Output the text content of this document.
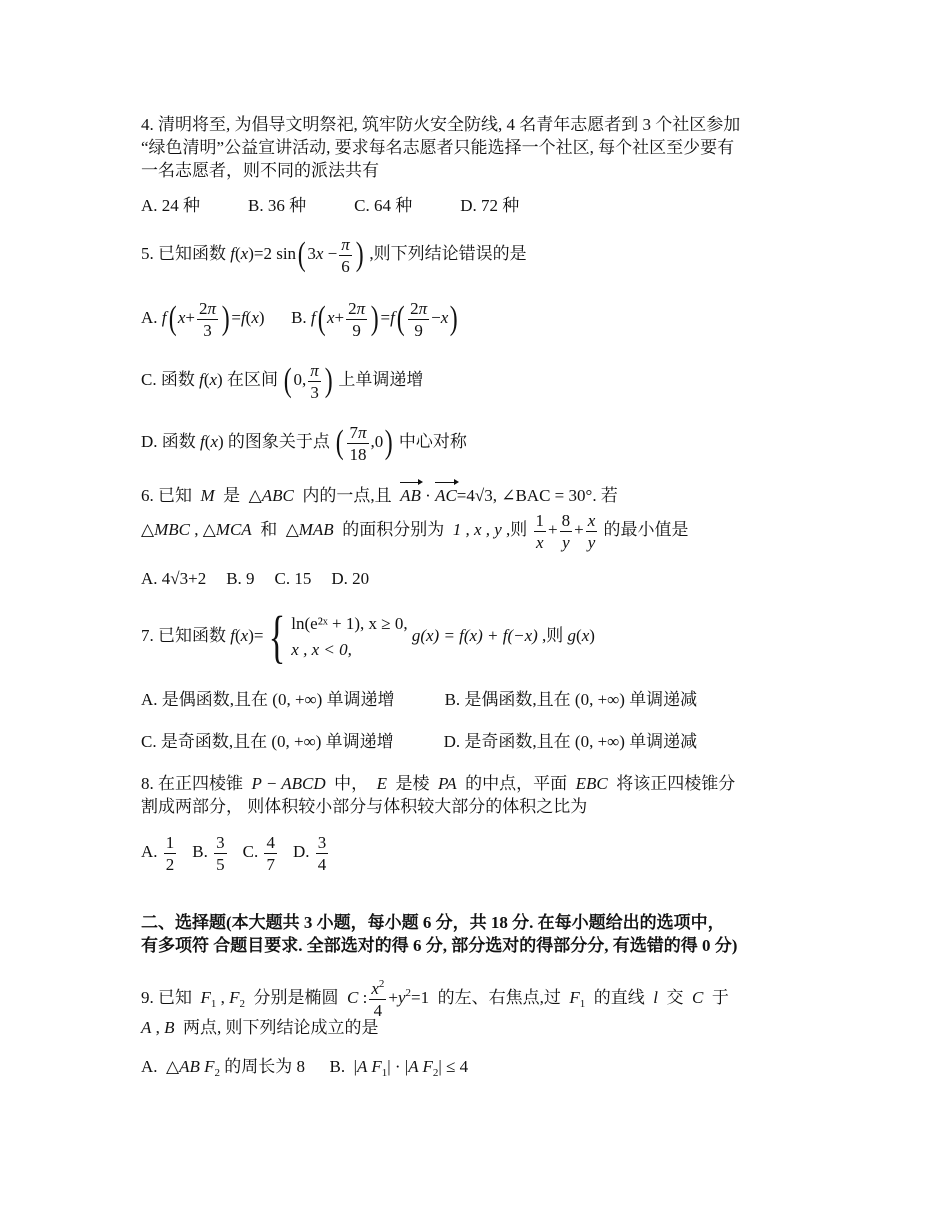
4. 清明将至, 为倡导文明祭祀, 筑牢防火安全防线, 4 名青年志愿者到 3 个社区参加
“绿色清明”公益宣讲活动, 要求每名志愿者只能选择一个社区, 每个社区至少要有
一名志愿者，则不同的派法共有
A. 24 种	B. 36 种	C. 64 种	D. 72 种
5. 已知函数 f(x)=2 $\sin(3x - \frac{\pi}{6}$ ) ,则下列结论错误的是
A. $f(x+ \frac{2\pi}{3} )=f(x)$  B. $f(x+ \frac{2\pi}{9} )=f( \frac{2\pi}{9} -x)$
C. 函数 f(x) 在区间 (0, $\frac{\pi}{3}$ ) 上单调递增
D. 函数 f(x) 的图象关于点 ( $\frac{7\pi}{18} ,0$) 中心对称
6. 已知  M  是  △ABC 内的一点,且 AB · AC=4√3, ∠BAC = 30°. 若
△MBC , △MCA 和  △MAB 的面积分别为 1 , x , y ,则 $\frac{1}{x} + \frac{8}{y} + \frac{x}{y}$ 的最小值是
A. 4√3+2 B. 9 C. 15 D. 20
7. 已知函数 f(x)={ ln(e²ˣ + 1), x ≥ 0,
x , x < 0, g(x) = f(x) + f(−x) ,则 g(x)
A. 是偶函数,且在 (0, +∞) 单调递增	B. 是偶函数,且在 (0, +∞) 单调递减
C. 是奇函数,且在 (0, +∞) 单调递增	D. 是奇函数,且在 (0, +∞) 单调递减
8. 在正四棱锥 P − ABCD 中， E 是棱 PA 的中点，平面 EBC 将该正四棱锥分
割成两部分， 则体积较小部分与体积较大部分的体积之比为
A. $\frac{1}{2} B$. $\frac{3}{5} C$. $\frac{4}{7} D$. $\frac{3}{4}$
二、选择题(本大题共 3 小题，每小题 6 分，共 18 分. 在每小题给出的选项中，
有多项符 合题目要求. 全部选对的得 6 分, 部分选对的得部分分, 有选错的得 0 分)
9. 已知 $F_1$ , $F_2$ 分别是椭圆 C : $\frac{x^2}{4} +y^2=1$  的左、右焦点,过 $F_1$ 的直线  l  交  C  于
A , B 两点, 则下列结论成立的是
A.  △AB $F_2$ 的周长为 8 B.  |A $F_1| \cdot |A$ $F_2| \le 4$
